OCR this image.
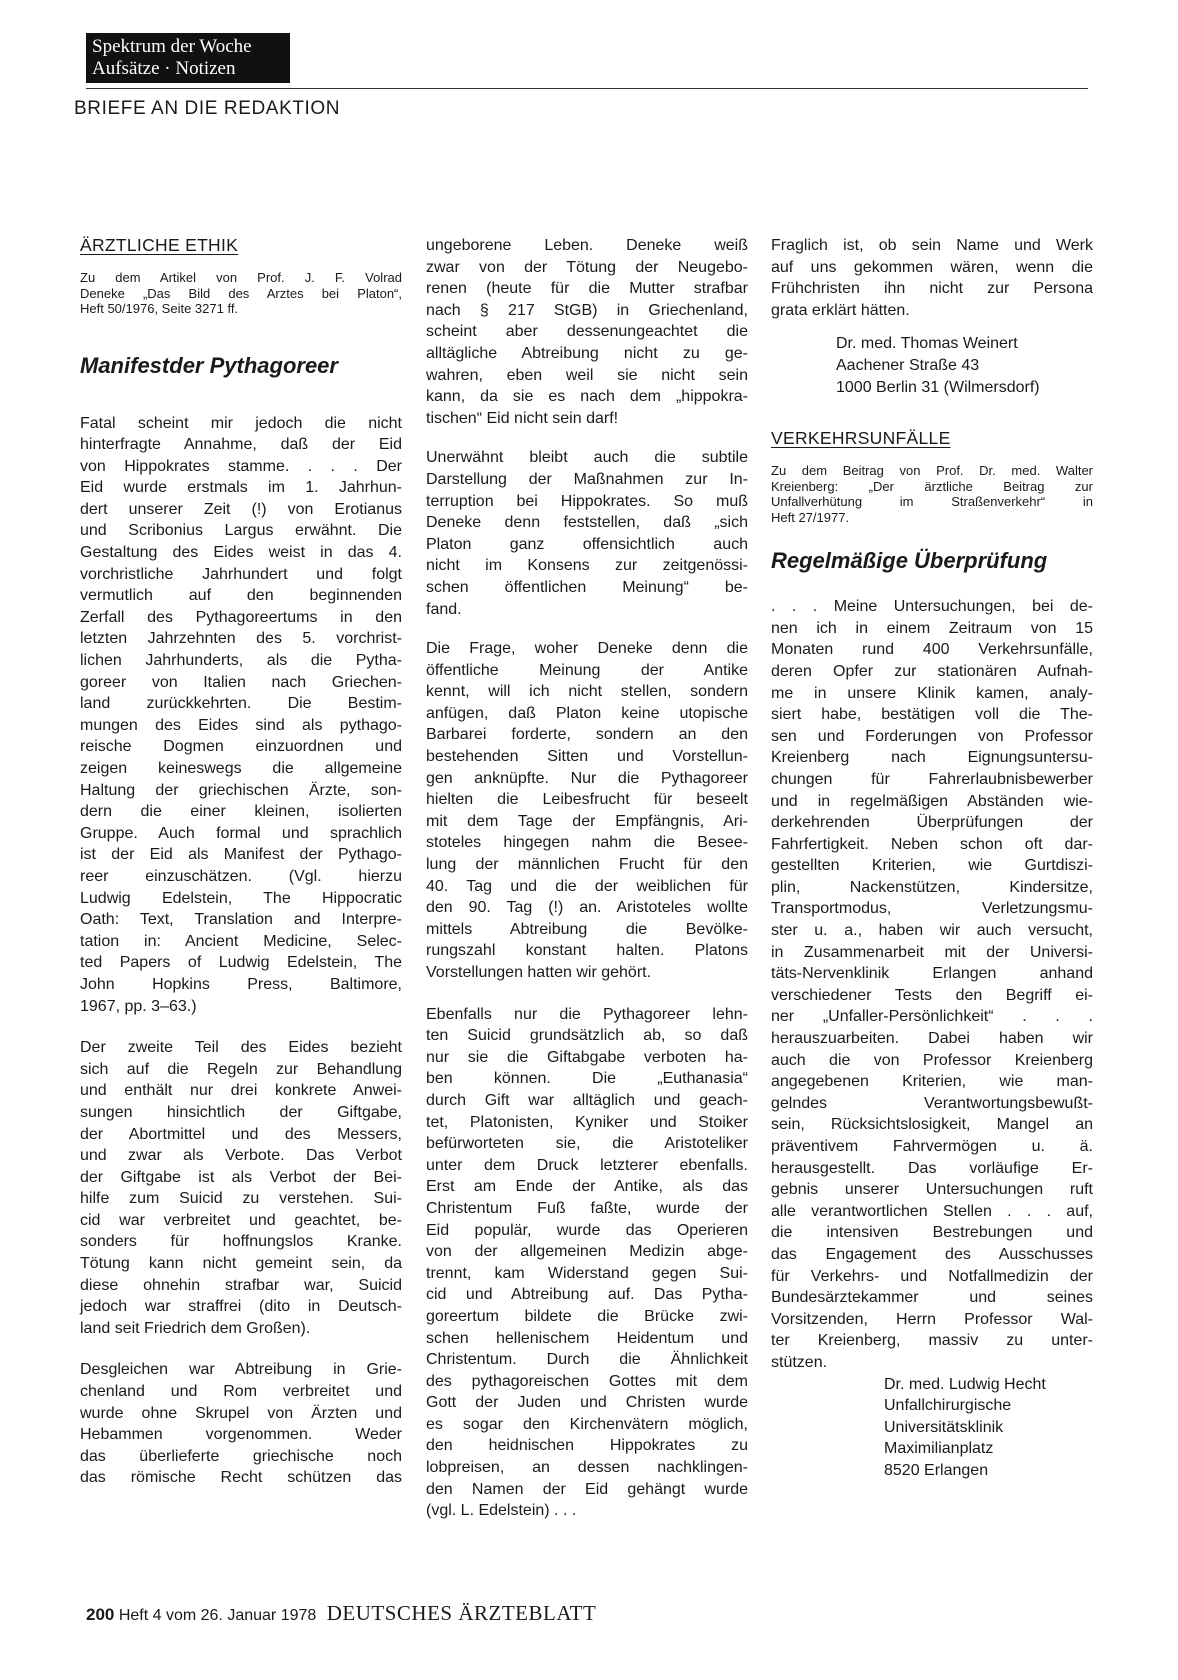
Spektrum der Woche
Aufsätze · Notizen
BRIEFE AN DIE REDAKTION

ÄRZTLICHE ETHIK

Zu dem Artikel von Prof. J. F. Volrad
Deneke „Das Bild des Arztes bei Platon“,
Heft 50/1976, Seite 3271 ff.

Manifestder Pythagoreer

Fatal scheint mir jedoch die nicht
hinterfragte Annahme, daß der Eid
von Hippokrates stamme. . . . Der
Eid wurde erstmals im 1. Jahrhun-
dert unserer Zeit (!) von Erotianus
und Scribonius Largus erwähnt. Die
Gestaltung des Eides weist in das 4.
vorchristliche Jahrhundert und folgt
vermutlich auf den beginnenden
Zerfall des Pythagoreertums in den
letzten Jahrzehnten des 5. vorchrist-
lichen Jahrhunderts, als die Pytha-
goreer von Italien nach Griechen-
land zurückkehrten. Die Bestim-
mungen des Eides sind als pythago-
reische Dogmen einzuordnen und
zeigen keineswegs die allgemeine
Haltung der griechischen Ärzte, son-
dern die einer kleinen, isolierten
Gruppe. Auch formal und sprachlich
ist der Eid als Manifest der Pythago-
reer einzuschätzen. (Vgl. hierzu
Ludwig Edelstein, The Hippocratic
Oath: Text, Translation and Interpre-
tation in: Ancient Medicine, Selec-
ted Papers of Ludwig Edelstein, The
John Hopkins Press, Baltimore,
1967, pp. 3–63.)

Der zweite Teil des Eides bezieht
sich auf die Regeln zur Behandlung
und enthält nur drei konkrete Anwei-
sungen hinsichtlich der Giftgabe,
der Abortmittel und des Messers,
und zwar als Verbote. Das Verbot
der Giftgabe ist als Verbot der Bei-
hilfe zum Suicid zu verstehen. Sui-
cid war verbreitet und geachtet, be-
sonders für hoffnungslos Kranke.
Tötung kann nicht gemeint sein, da
diese ohnehin strafbar war, Suicid
jedoch war straffrei (dito in Deutsch-
land seit Friedrich dem Großen).

Desgleichen war Abtreibung in Grie-
chenland und Rom verbreitet und
wurde ohne Skrupel von Ärzten und
Hebammen vorgenommen. Weder
das überlieferte griechische noch
das römische Recht schützen das

ungeborene Leben. Deneke weiß
zwar von der Tötung der Neugebo-
renen (heute für die Mutter strafbar
nach § 217 StGB) in Griechenland,
scheint aber dessenungeachtet die
alltägliche Abtreibung nicht zu ge-
wahren, eben weil sie nicht sein
kann, da sie es nach dem „hippokra-
tischen“ Eid nicht sein darf!

Unerwähnt bleibt auch die subtile
Darstellung der Maßnahmen zur In-
terruption bei Hippokrates. So muß
Deneke denn feststellen, daß „sich
Platon ganz offensichtlich auch
nicht im Konsens zur zeitgenössi-
schen öffentlichen Meinung“ be-
fand.

Die Frage, woher Deneke denn die
öffentliche Meinung der Antike
kennt, will ich nicht stellen, sondern
anfügen, daß Platon keine utopische
Barbarei forderte, sondern an den
bestehenden Sitten und Vorstellun-
gen anknüpfte. Nur die Pythagoreer
hielten die Leibesfrucht für beseelt
mit dem Tage der Empfängnis, Ari-
stoteles hingegen nahm die Besee-
lung der männlichen Frucht für den
40. Tag und die der weiblichen für
den 90. Tag (!) an. Aristoteles wollte
mittels Abtreibung die Bevölke-
rungszahl konstant halten. Platons
Vorstellungen hatten wir gehört.

Ebenfalls nur die Pythagoreer lehn-
ten Suicid grundsätzlich ab, so daß
nur sie die Giftabgabe verboten ha-
ben können. Die „Euthanasia“
durch Gift war alltäglich und geach-
tet, Platonisten, Kyniker und Stoiker
befürworteten sie, die Aristoteliker
unter dem Druck letzterer ebenfalls.
Erst am Ende der Antike, als das
Christentum Fuß faßte, wurde der
Eid populär, wurde das Operieren
von der allgemeinen Medizin abge-
trennt, kam Widerstand gegen Sui-
cid und Abtreibung auf. Das Pytha-
goreertum bildete die Brücke zwi-
schen hellenischem Heidentum und
Christentum. Durch die Ähnlichkeit
des pythagoreischen Gottes mit dem
Gott der Juden und Christen wurde
es sogar den Kirchenvätern möglich,
den heidnischen Hippokrates zu
lobpreisen, an dessen nachklingen-
den Namen der Eid gehängt wurde
(vgl. L. Edelstein) . . .

Fraglich ist, ob sein Name und Werk
auf uns gekommen wären, wenn die
Frühchristen ihn nicht zur Persona
grata erklärt hätten.

Dr. med. Thomas Weinert
Aachener Straße 43
1000 Berlin 31 (Wilmersdorf)

VERKEHRSUNFÄLLE

Zu dem Beitrag von Prof. Dr. med. Walter
Kreienberg: „Der ärztliche Beitrag zur
Unfallverhütung im Straßenverkehr“ in
Heft 27/1977.

Regelmäßige Überprüfung

. . . Meine Untersuchungen, bei de-
nen ich in einem Zeitraum von 15
Monaten rund 400 Verkehrsunfälle,
deren Opfer zur stationären Aufnah-
me in unsere Klinik kamen, analy-
siert habe, bestätigen voll die The-
sen und Forderungen von Professor
Kreienberg nach Eignungsuntersu-
chungen für Fahrerlaubnisbewerber
und in regelmäßigen Abständen wie-
derkehrenden Überprüfungen der
Fahrfertigkeit. Neben schon oft dar-
gestellten Kriterien, wie Gurtdiszi-
plin, Nackenstützen, Kindersitze,
Transportmodus, Verletzungsmu-
ster u. a., haben wir auch versucht,
in Zusammenarbeit mit der Universi-
täts-Nervenklinik Erlangen anhand
verschiedener Tests den Begriff ei-
ner „Unfaller-Persönlichkeit“ . . .
herauszuarbeiten. Dabei haben wir
auch die von Professor Kreienberg
angegebenen Kriterien, wie man-
gelndes Verantwortungsbewußt-
sein, Rücksichtslosigkeit, Mangel an
präventivem Fahrvermögen u. ä.
herausgestellt. Das vorläufige Er-
gebnis unserer Untersuchungen ruft
alle verantwortlichen Stellen . . . auf,
die intensiven Bestrebungen und
das Engagement des Ausschusses
für Verkehrs- und Notfallmedizin der
Bundesärztekammer und seines
Vorsitzenden, Herrn Professor Wal-
ter Kreienberg, massiv zu unter-
stützen.

Dr. med. Ludwig Hecht
Unfallchirurgische
Universitätsklinik
Maximilianplatz
8520 Erlangen

200 Heft 4 vom 26. Januar 1978 DEUTSCHES ÄRZTEBLATT
